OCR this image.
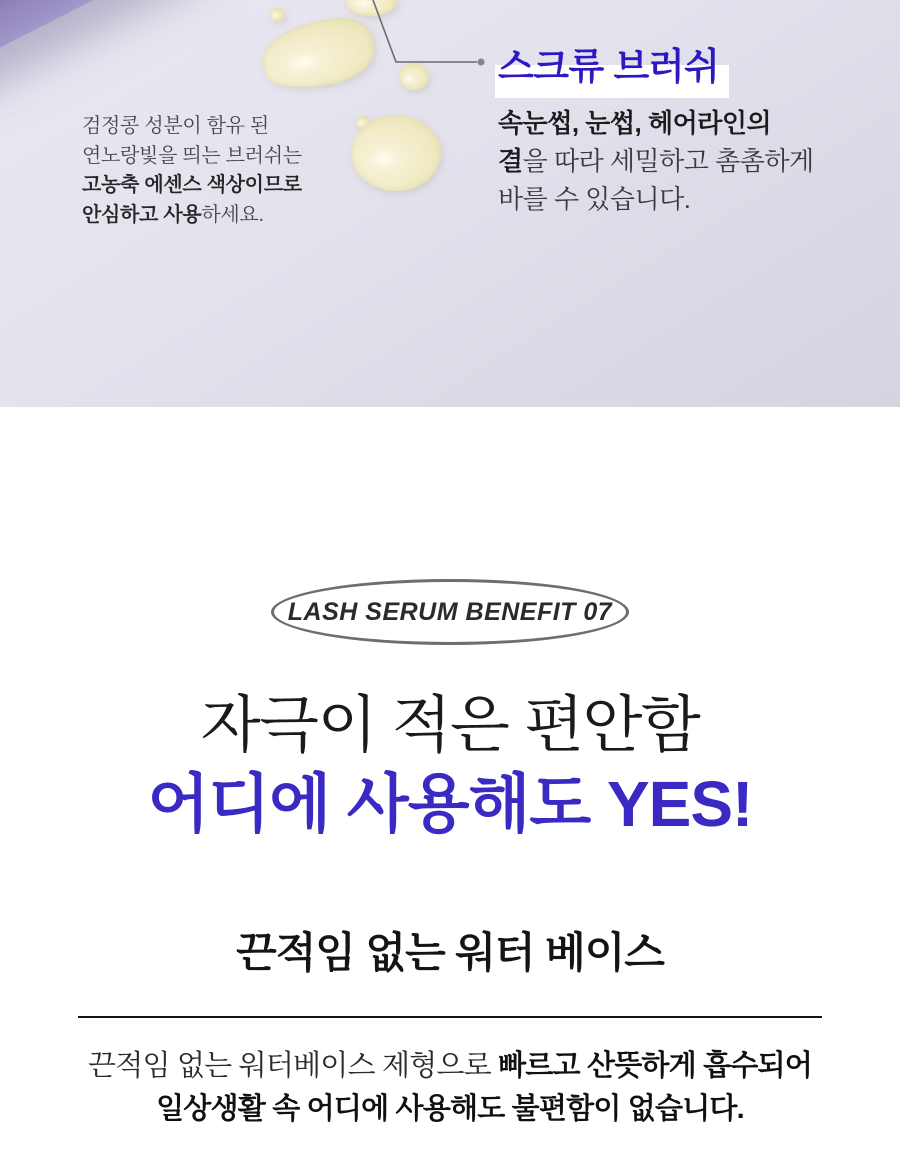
검정콩 성분이 함유 된
연노랑빛을 띄는 브러쉬는
고농축 에센스 색상이므로
안심하고 사용하세요.
스크류 브러쉬

속눈썹, 눈썹, 헤어라인의
결을 따라 세밀하고 촘촘하게
바를 수 있습니다.

LASH SERUM BENEFIT 07
자극이 적은 편안함
어디에 사용해도 YES!
끈적임 없는 워터 베이스

끈적임 없는 워터베이스 제형으로 빠르고 산뜻하게 흡수되어
일상생활 속 어디에 사용해도 불편함이 없습니다.
